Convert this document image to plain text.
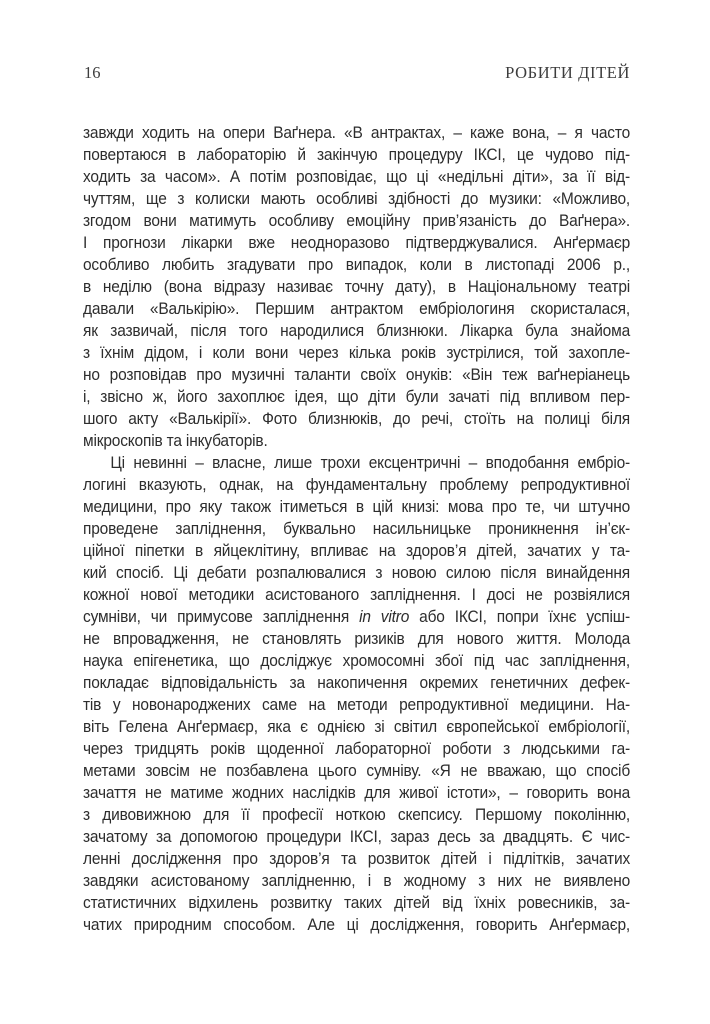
16	РОБИТИ ДІТЕЙ
завжди ходить на опери Ваґнера. «В антрактах, – каже вона, – я часто
повертаюся в лабораторію й закінчую процедуру ІКСІ, це чудово під-
ходить за часом». А потім розповідає, що ці «недільні діти», за її від-
чуттям, ще з колиски мають особливі здібності до музики: «Можливо,
згодом вони матимуть особливу емоційну прив’язаність до Ваґнера».
І прогнози лікарки вже неодноразово підтверджувалися. Анґермаєр
особливо любить згадувати про випадок, коли в листопаді 2006 р.,
в неділю (вона відразу називає точну дату), в Національному театрі
давали «Валькірію». Першим антрактом ембріологиня скористалася,
як зазвичай, після того народилися близнюки. Лікарка була знайома
з їхнім дідом, і коли вони через кілька років зустрілися, той захопле-
но розповідав про музичні таланти своїх онуків: «Він теж ваґнеріанець
і, звісно ж, його захоплює ідея, що діти були зачаті під впливом пер-
шого акту «Валькірії». Фото близнюків, до речі, стоїть на полиці біля
мікроскопів та інкубаторів.
Ці невинні – власне, лише трохи ексцентричні – вподобання ембріо-
логині вказують, однак, на фундаментальну проблему репродуктивної
медицини, про яку також ітиметься в цій книзі: мова про те, чи штучно
проведене запліднення, буквально насильницьке проникнення ін’єк-
ційної піпетки в яйцеклітину, впливає на здоров’я дітей, зачатих у та-
кий спосіб. Ці дебати розпалювалися з новою силою після винайдення
кожної нової методики асистованого запліднення. І досі не розвіялися
сумніви, чи примусове запліднення in vitro або ІКСІ, попри їхнє успіш-
не впровадження, не становлять ризиків для нового життя. Молода
наука епігенетика, що досліджує хромосомні збої під час запліднення,
покладає відповідальність за накопичення окремих генетичних дефек-
тів у новонароджених саме на методи репродуктивної медицини. На-
віть Гелена Анґермаєр, яка є однією зі світил європейської ембріології,
через тридцять років щоденної лабораторної роботи з людськими га-
метами зовсім не позбавлена цього сумніву. «Я не вважаю, що спосіб
зачаття не матиме жодних наслідків для живої істоти», – говорить вона
з дивовижною для її професії ноткою скепсису. Першому поколінню,
зачатому за допомогою процедури ІКСІ, зараз десь за двадцять. Є чис-
ленні дослідження про здоров’я та розвиток дітей і підлітків, зачатих
завдяки асистованому заплідненню, і в жодному з них не виявлено
статистичних відхилень розвитку таких дітей від їхніх ровесників, за-
чатих природним способом. Але ці дослідження, говорить Анґермаєр,
